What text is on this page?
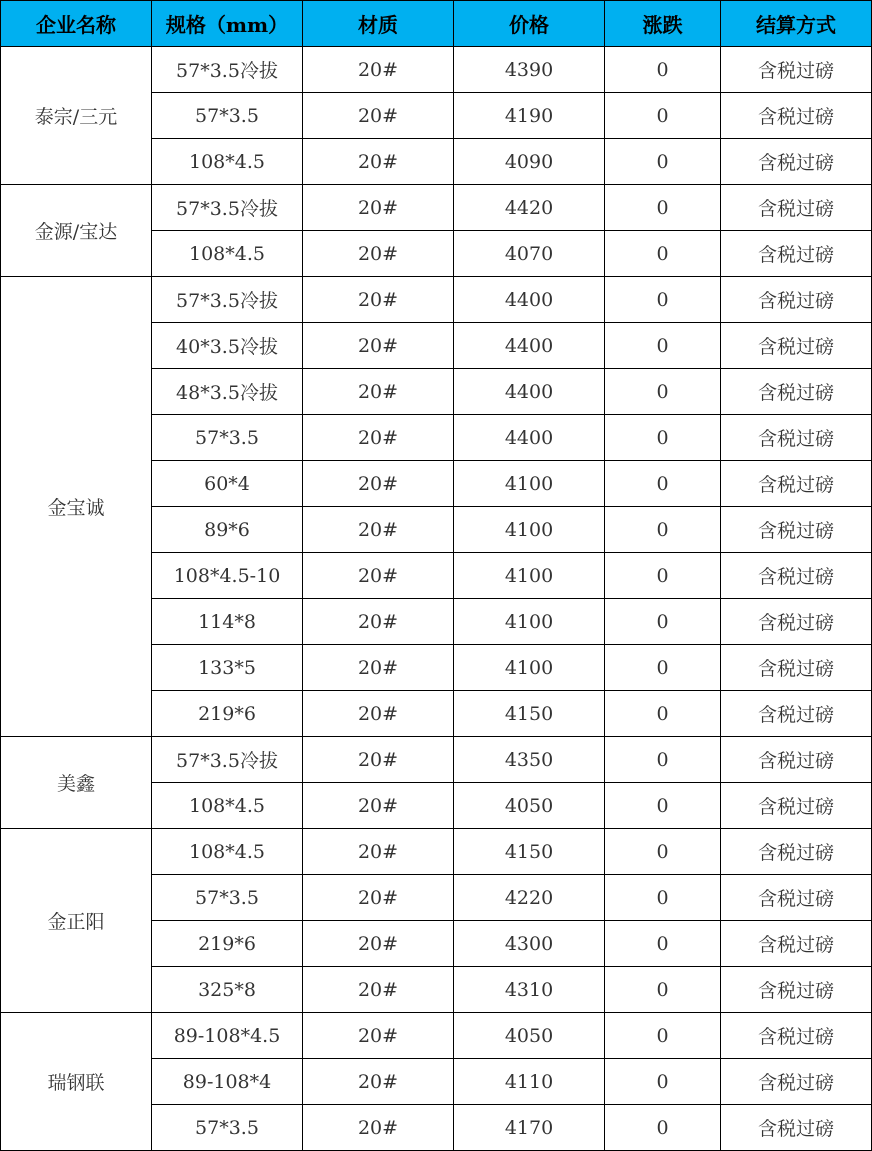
企业名称	规格（mm）	材质	价格	涨跌	结算方式
泰宗/三元	57*3.5冷拔	20#	4390	0	含税过磅
	57*3.5	20#	4190	0	含税过磅
	108*4.5	20#	4090	0	含税过磅
金源/宝达	57*3.5冷拔	20#	4420	0	含税过磅
	108*4.5	20#	4070	0	含税过磅
金宝诚	57*3.5冷拔	20#	4400	0	含税过磅
	40*3.5冷拔	20#	4400	0	含税过磅
	48*3.5冷拔	20#	4400	0	含税过磅
	57*3.5	20#	4400	0	含税过磅
	60*4	20#	4100	0	含税过磅
	89*6	20#	4100	0	含税过磅
	108*4.5-10	20#	4100	0	含税过磅
	114*8	20#	4100	0	含税过磅
	133*5	20#	4100	0	含税过磅
	219*6	20#	4150	0	含税过磅
美鑫	57*3.5冷拔	20#	4350	0	含税过磅
	108*4.5	20#	4050	0	含税过磅
金正阳	108*4.5	20#	4150	0	含税过磅
	57*3.5	20#	4220	0	含税过磅
	219*6	20#	4300	0	含税过磅
	325*8	20#	4310	0	含税过磅
瑞钢联	89-108*4.5	20#	4050	0	含税过磅
	89-108*4	20#	4110	0	含税过磅
	57*3.5	20#	4170	0	含税过磅
